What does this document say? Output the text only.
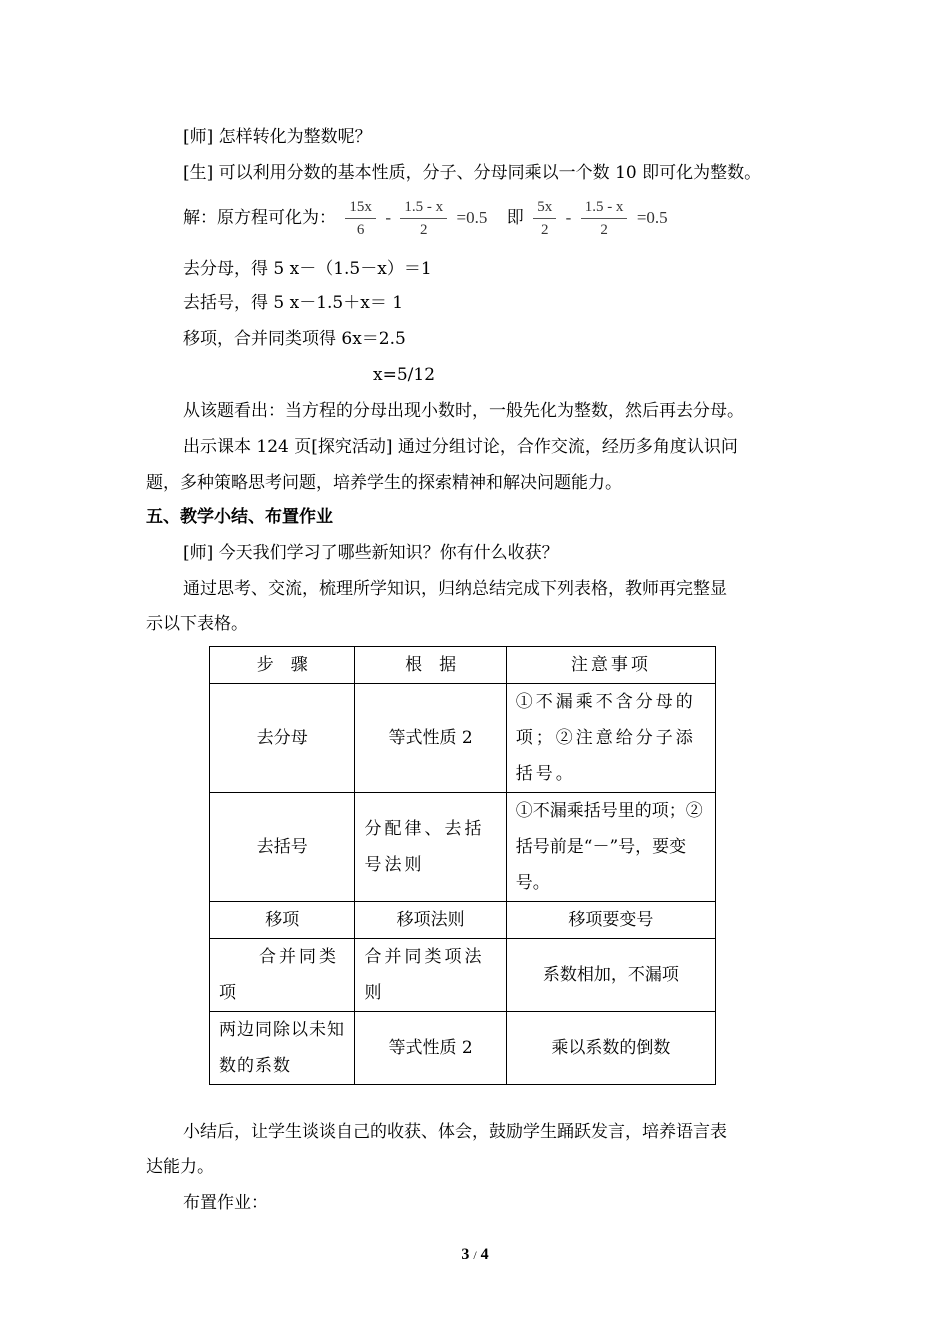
[师] 怎样转化为整数呢？
[生] 可以利用分数的基本性质，分子、分母同乘以一个数 10 即可化为整数。
解：原方程可化为： $\frac{15x}{6} - \frac{1.5 - x}{2} =0.5$ 即 $\frac{5x}{2} - \frac{1.5 - x}{2} =0.5$
去分母，得 5 x－（1.5－x）＝1
去括号，得 5 x－1.5＋x＝ 1
移项，合并同类项得 6x＝2.5
x=5/12
从该题看出：当方程的分母出现小数时，一般先化为整数，然后再去分母。
出示课本 124 页[探究活动] 通过分组讨论，合作交流，经历多角度认识问
题，多种策略思考问题，培养学生的探索精神和解决问题能力。
五、教学小结、布置作业
[师] 今天我们学习了哪些新知识？你有什么收获？
通过思考、交流，梳理所学知识，归纳总结完成下列表格，教师再完整显
示以下表格。
步　骤	根　据	注意事项
去分母	等式性质 2	①不漏乘不含分母的项；②注意给分子添括号。
去括号	分配律、去括号法则	①不漏乘括号里的项；②括号前是“－”号，要变号。
移项	移项法则	移项要变号
合并同类项	合并同类项法则	系数相加，不漏项
两边同除以未知数的系数	等式性质 2	乘以系数的倒数
小结后，让学生谈谈自己的收获、体会，鼓励学生踊跃发言，培养语言表
达能力。
布置作业：
3 / 4
